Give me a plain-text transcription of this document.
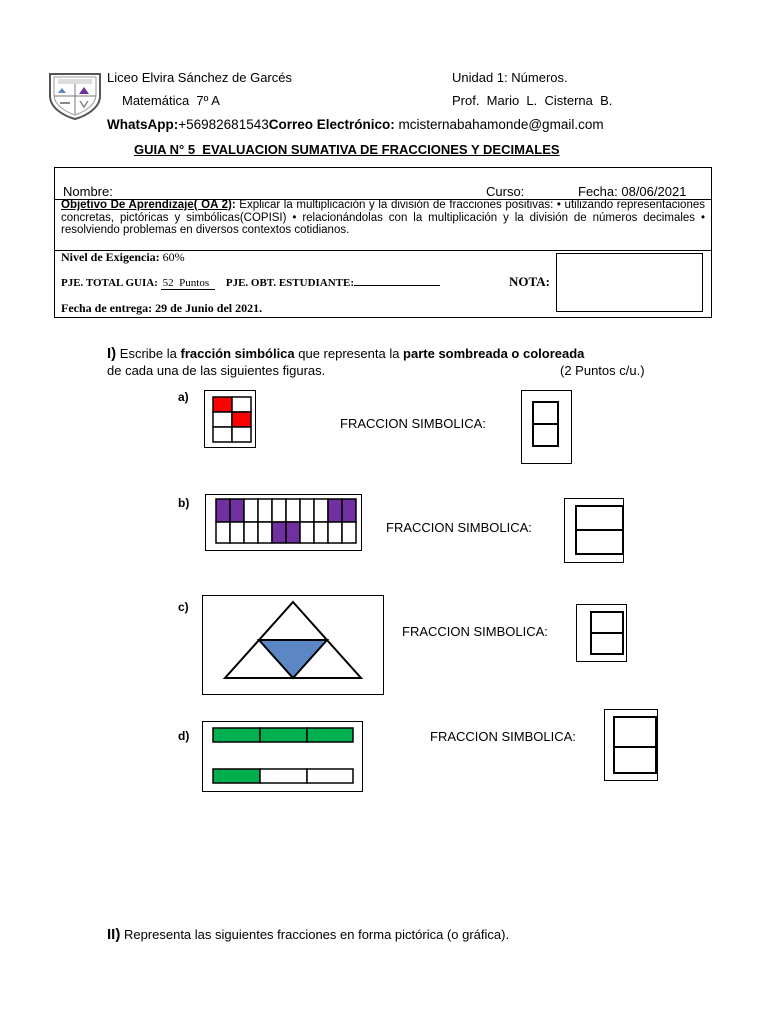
Liceo Elvira Sánchez de Garcés	Unidad 1: Números.
Matemática  7º A	Prof.  Mario  L.  Cisterna  B.
WhatsApp:+56982681543Correo Electrónico: mcisternabahamonde@gmail.com
GUIA N° 5  EVALUACION SUMATIVA DE FRACCIONES Y DECIMALES
Nombre:	Curso:	Fecha: 08/06/2021
Objetivo De Aprendizaje( OA 2): Explicar la multiplicación y la división de fracciones positivas: • utilizando representaciones concretas, pictóricas y simbólicas(COPISI) • relacionándolas con la multiplicación y la división de números decimales • resolviendo problemas en diversos contextos cotidianos.
Nivel de Exigencia: 60%
PJE. TOTAL GUIA: 52  Puntos PJE. OBT. ESTUDIANTE:	NOTA:
Fecha de entrega: 29 de Junio del 2021.
I) Escribe la fracción simbólica que representa la parte sombreada o coloreada
de cada una de las siguientes figuras.	(2 Puntos c/u.)
a)
FRACCION SIMBOLICA:
b)
FRACCION SIMBOLICA:
c)
FRACCION SIMBOLICA:
d)	FRACCION SIMBOLICA:
II) Representa las siguientes fracciones en forma pictórica (o gráfica).
